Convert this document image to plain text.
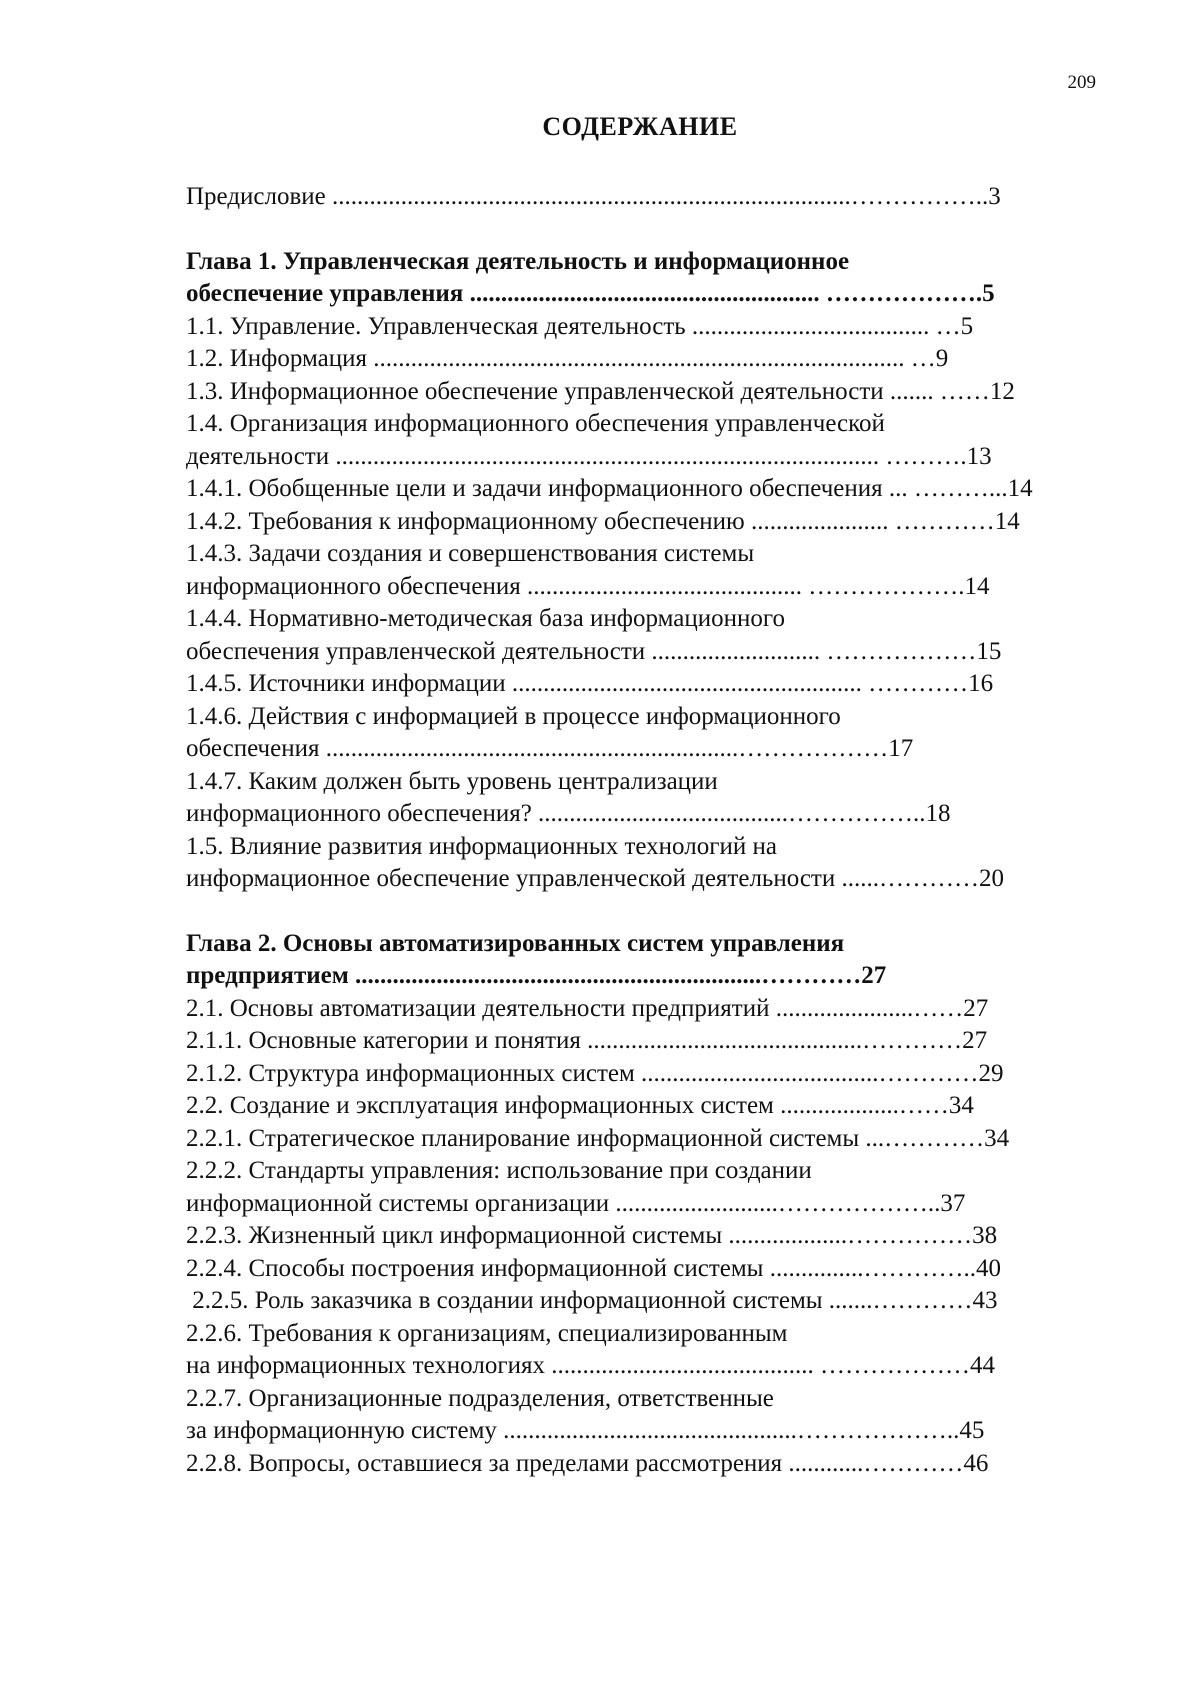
209
СОДЕРЖАНИЕ
Предисловие ...................................................................................……………..3
Глава 1. Управленческая деятельность и информационное
обеспечение управления ........................................................ ……………….5
1.1. Управление. Управленческая деятельность ...................................... …5
1.2. Информация ..................................................................................... …9
1.3. Информационное обеспечение управленческой деятельности ....... ……12
1.4. Организация информационного обеспечения управленческой
деятельности ....................................................................................... ……….13
1.4.1. Обобщенные цели и задачи информационного обеспечения ... ………...14
1.4.2. Требования к информационному обеспечению ...................... …………14
1.4.3. Задачи создания и совершенствования системы
информационного обеспечения ............................................ ……………….14
1.4.4. Нормативно-методическая база информационного
обеспечения управленческой деятельности ........................... ………………15
1.4.5. Источники информации ........................................................ …………16
1.4.6. Действия с информацией в процессе информационного
обеспечения ..................................................................………………17
1.4.7. Каким должен быть уровень централизации
информационного обеспечения? ........................................……………..18
1.5. Влияние развития информационных технологий на
информационное обеспечение управленческой деятельности ......…………20
Глава 2. Основы автоматизированных систем управления
предприятием .................................................................…………27
2.1. Основы автоматизации деятельности предприятий ......................……27
2.1.1. Основные категории и понятия ............................................…………27
2.1.2. Структура информационных систем ......................................…………29
2.2. Создание и эксплуатация информационных систем ...................……34
2.2.1. Стратегическое планирование информационной системы ...…………34
2.2.2. Стандарты управления: использование при создании
информационной системы организации ..........................………………..37
2.2.3. Жизненный цикл информационной системы ...................……………38
2.2.4. Способы построения информационной системы ...............…………..40
2.2.5. Роль заказчика в создании информационной системы .......…………43
2.2.6. Требования к организациям, специализированным
на информационных технологиях .......................................... ………………44
2.2.7. Организационные подразделения, ответственные
за информационную систему ...............................................………………..45
2.2.8. Вопросы, оставшиеся за пределами рассмотрения ............…………46
